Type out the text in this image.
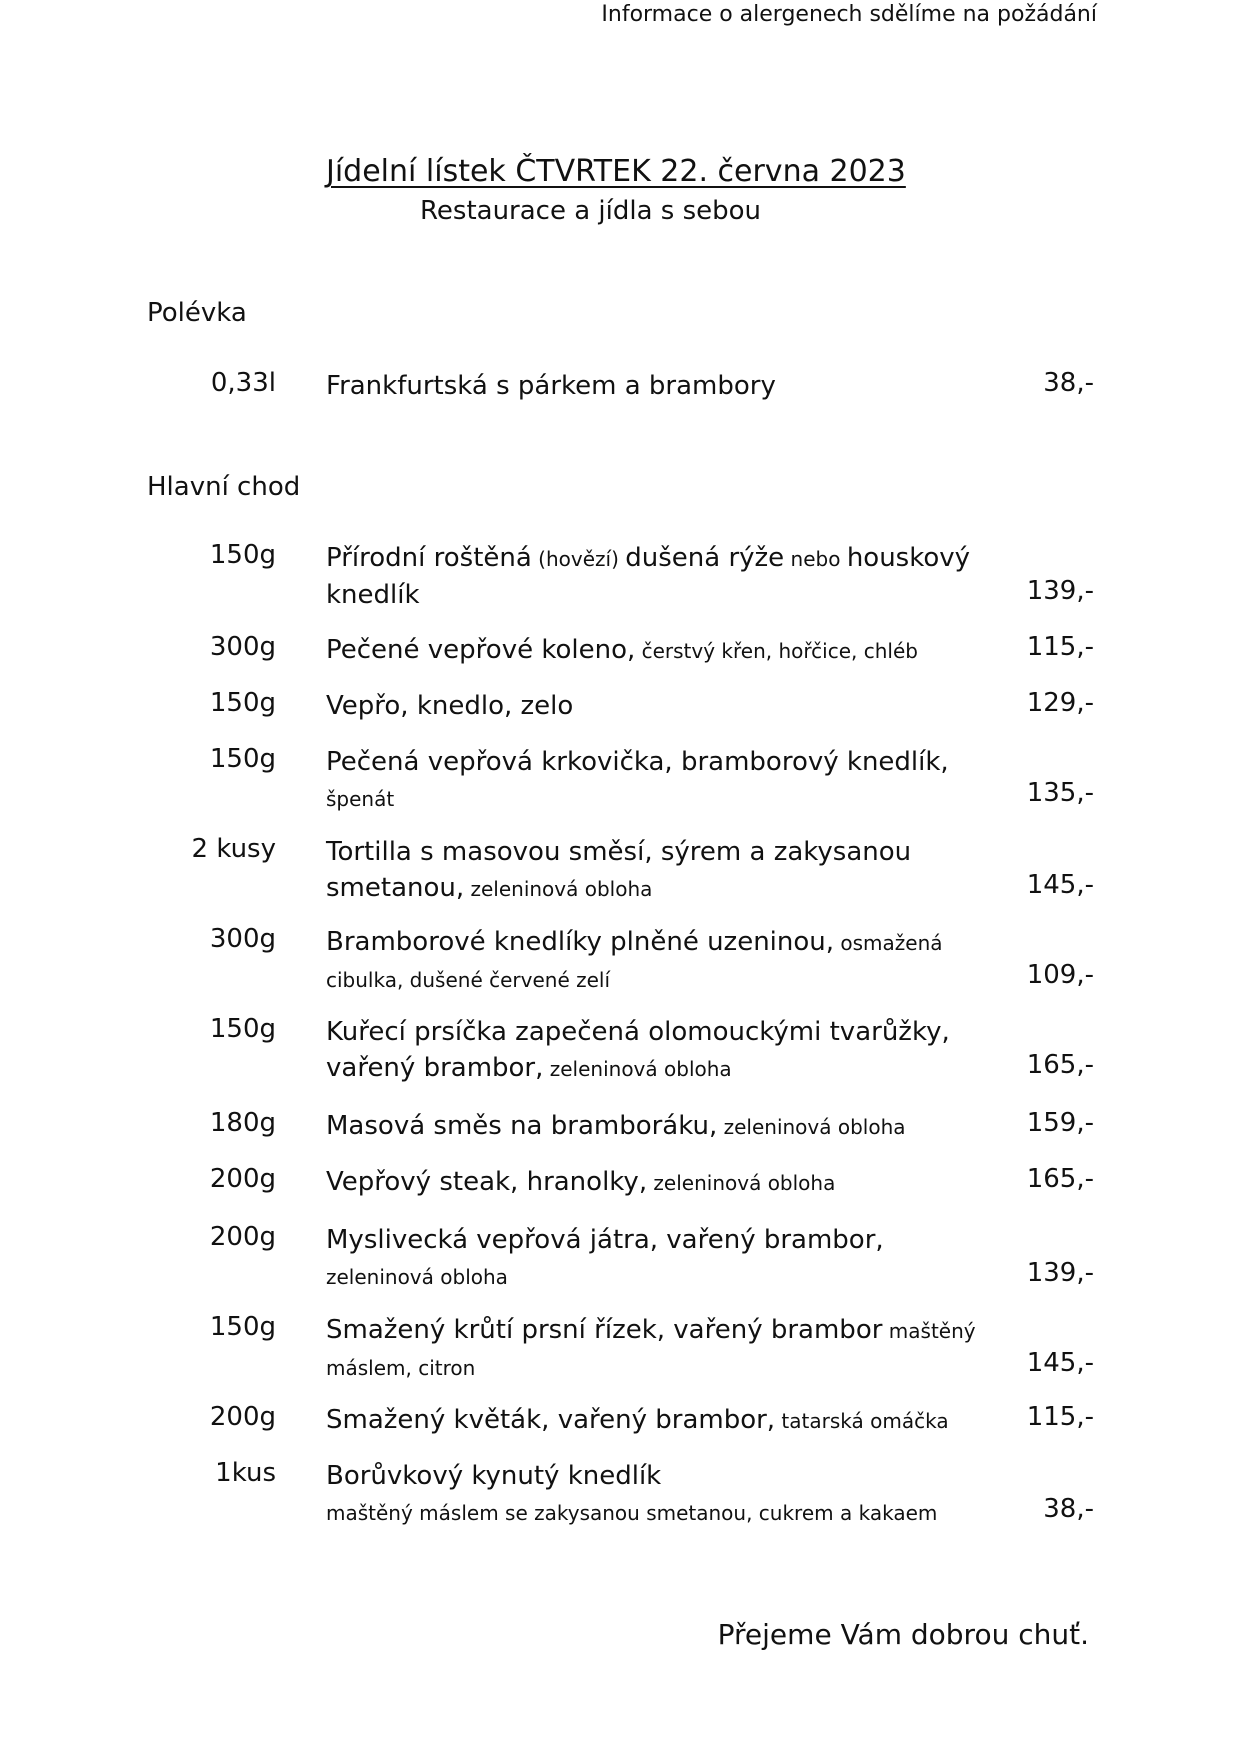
Informace o alergenech sdělíme na požádání
Jídelní lístek ČTVRTEK 22. června 2023
Restaurace a jídla s sebou
Polévka
0,33l Frankfurtská s párkem a brambory	38,-
Hlavní chod
150g Přírodní roštěná (hovězí) dušená rýže nebo houskový knedlík	139,-
300g Pečené vepřové koleno, čerstvý křen, hořčice, chléb	115,-
150g Vepřo, knedlo, zelo	129,-
150g Pečená vepřová krkovička, bramborový knedlík,
špenát	135,-
2 kusy Tortilla s masovou směsí, sýrem a zakysanou smetanou, zeleninová obloha	145,-
300g Bramborové knedlíky plněné uzeninou, osmažená cibulka, dušené červené zelí	109,-
150g Kuřecí prsíčka zapečená olomouckými tvarůžky, vařený brambor, zeleninová obloha	165,-
180g Masová směs na bramboráku, zeleninová obloha	159,-
200g Vepřový steak, hranolky, zeleninová obloha	165,-
200g Myslivecká vepřová játra, vařený brambor,
zeleninová obloha	139,-
150g Smažený krůtí prsní řízek, vařený brambor maštěný máslem, citron	145,-
200g Smažený květák, vařený brambor, tatarská omáčka	115,-
1kus Borůvkový kynutý knedlík
maštěný máslem se zakysanou smetanou, cukrem a kakaem	38,-
Přejeme Vám dobrou chuť.
